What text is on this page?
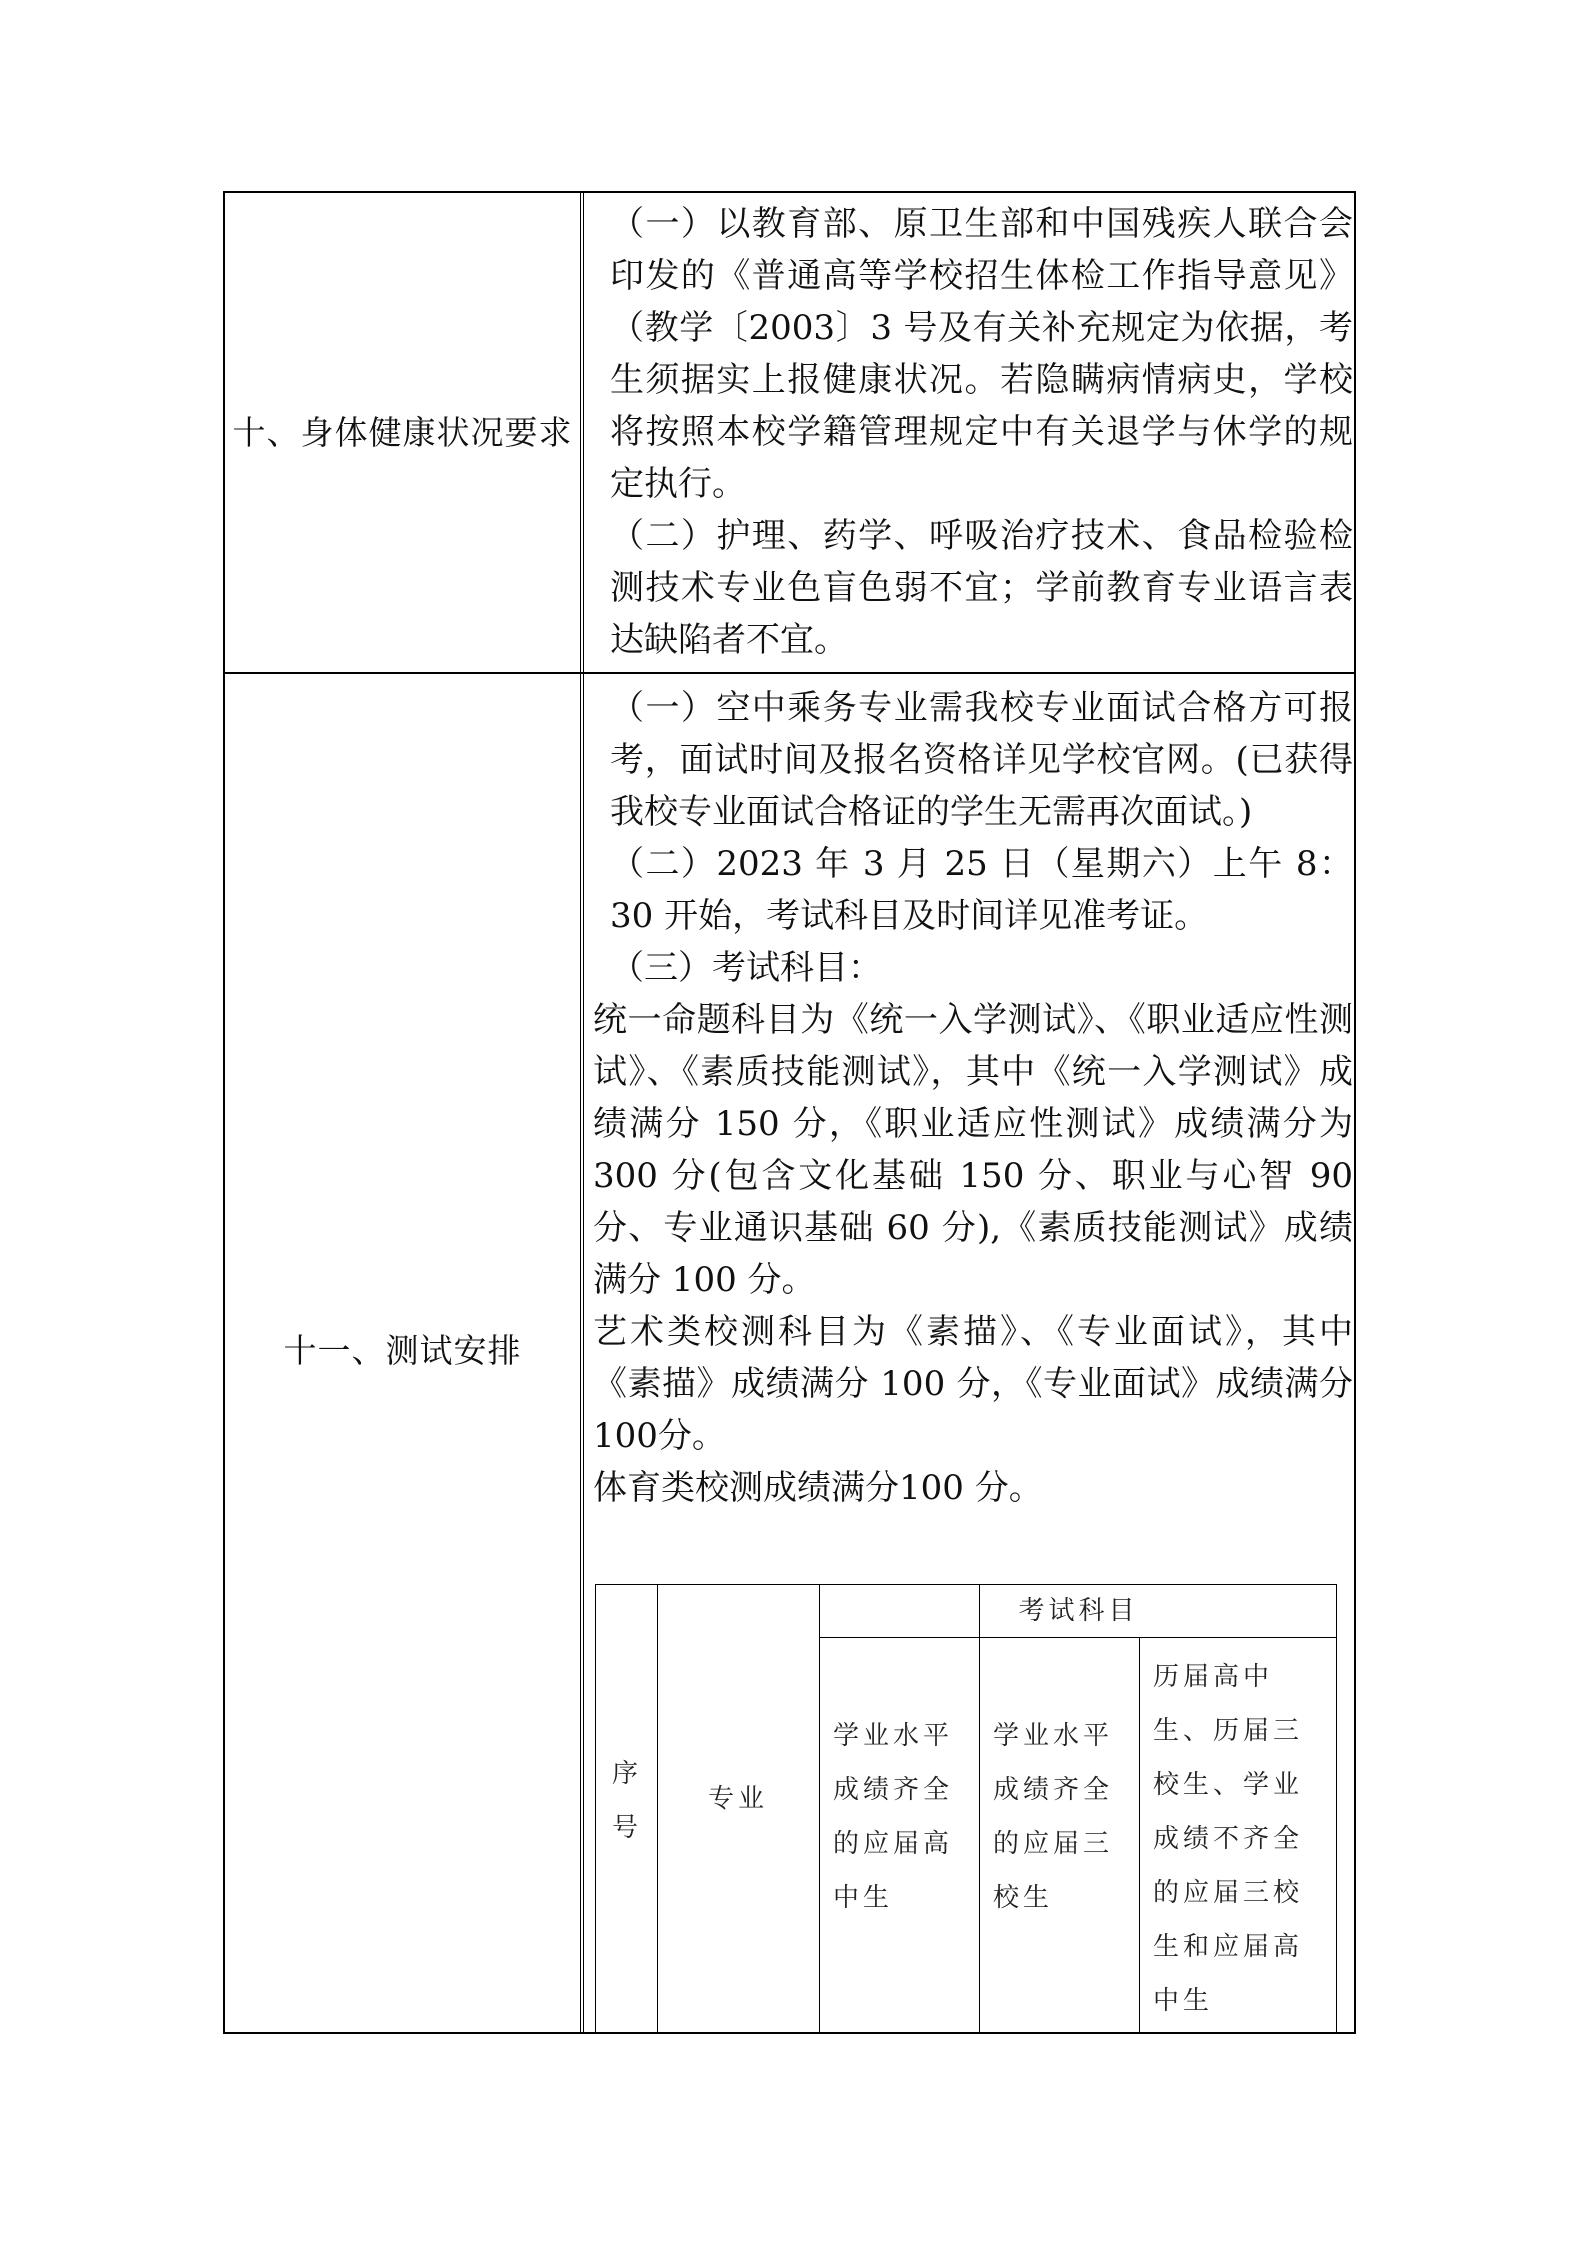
十、身体健康状况要求

（一）以教育部、原卫生部和中国残疾人联合会印发的《普通高等学校招生体检工作指导意见》（教学〔2003〕3 号及有关补充规定为依据，考生须据实上报健康状况。若隐瞒病情病史，学校将按照本校学籍管理规定中有关退学与休学的规定执行。

（二）护理、药学、呼吸治疗技术、食品检验检测技术专业色盲色弱不宜；学前教育专业语言表达缺陷者不宜。

十一、测试安排

（一）空中乘务专业需我校专业面试合格方可报考，面试时间及报名资格详见学校官网。(已获得我校专业面试合格证的学生无需再次面试。)

（二）2023 年 3 月 25 日（星期六）上午 8：30 开始，考试科目及时间详见准考证。

（三）考试科目：

统一命题科目为《统一入学测试》、《职业适应性测试》、《素质技能测试》，其中《统一入学测试》成绩满分 150 分，《职业适应性测试》成绩满分为 300 分(包含文化基础 150 分、职业与心智 90 分、专业通识基础 60 分),《素质技能测试》成绩满分 100 分。

艺术类校测科目为《素描》、《专业面试》，其中《素描》成绩满分 100 分，《专业面试》成绩满分 100分。

体育类校测成绩满分100 分。

序号
专业
考试科目
学业水平成绩齐全的应届高中生
学业水平成绩齐全的应届三校生
历届高中生、历届三校生、学业成绩不齐全的应届三校生和应届高中生
